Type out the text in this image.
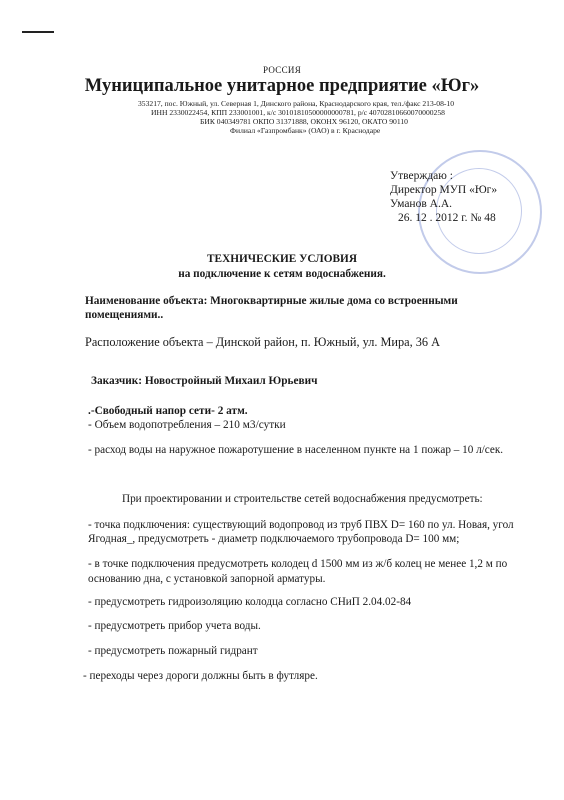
РОССИЯ
Муниципальное унитарное предприятие «Юг»
353217, пос. Южный, ул. Северная 1, Динского района, Краснодарского края, тел./факс 213-08-10
ИНН 2330022454, КПП 233001001, к/с 30101810500000000781, р/с 40702810660070000258
БИК 040349781 ОКПО 31371888, ОКОНХ 96120, ОКАТО 90110
Филиал «Газпромбанк» (ОАО) в г. Краснодаре
Утверждаю :
Директор МУП «Юг»
Уманов А.А.
26. 12 . 2012 г. № 48
ТЕХНИЧЕСКИЕ УСЛОВИЯ
на подключение к сетям водоснабжения.
Наименование объекта: Многоквартирные жилые дома со встроенными
помещениями..
Расположение объекта – Динской район, п. Южный, ул. Мира, 36 А
Заказчик: Новостройный Михаил Юрьевич
.-Свободный напор сети- 2 атм.
- Объем водопотребления – 210 м3/сутки
- расход воды на наружное пожаротушение в населенном пункте на 1 пожар – 10 л/сек.
При проектировании и строительстве сетей водоснабжения предусмотреть:
- точка подключения: существующий водопровод из труб ПВХ D= 160 по ул. Новая, угол
Ягодная_, предусмотреть - диаметр подключаемого трубопровода D= 100 мм;
- в точке подключения предусмотреть колодец d 1500 мм из ж/б колец не менее 1,2 м по
основанию дна, с установкой запорной арматуры.
- предусмотреть гидроизоляцию колодца согласно СНиП 2.04.02-84
- предусмотреть прибор учета воды.
- предусмотреть пожарный гидрант
- переходы через дороги должны быть в футляре.
